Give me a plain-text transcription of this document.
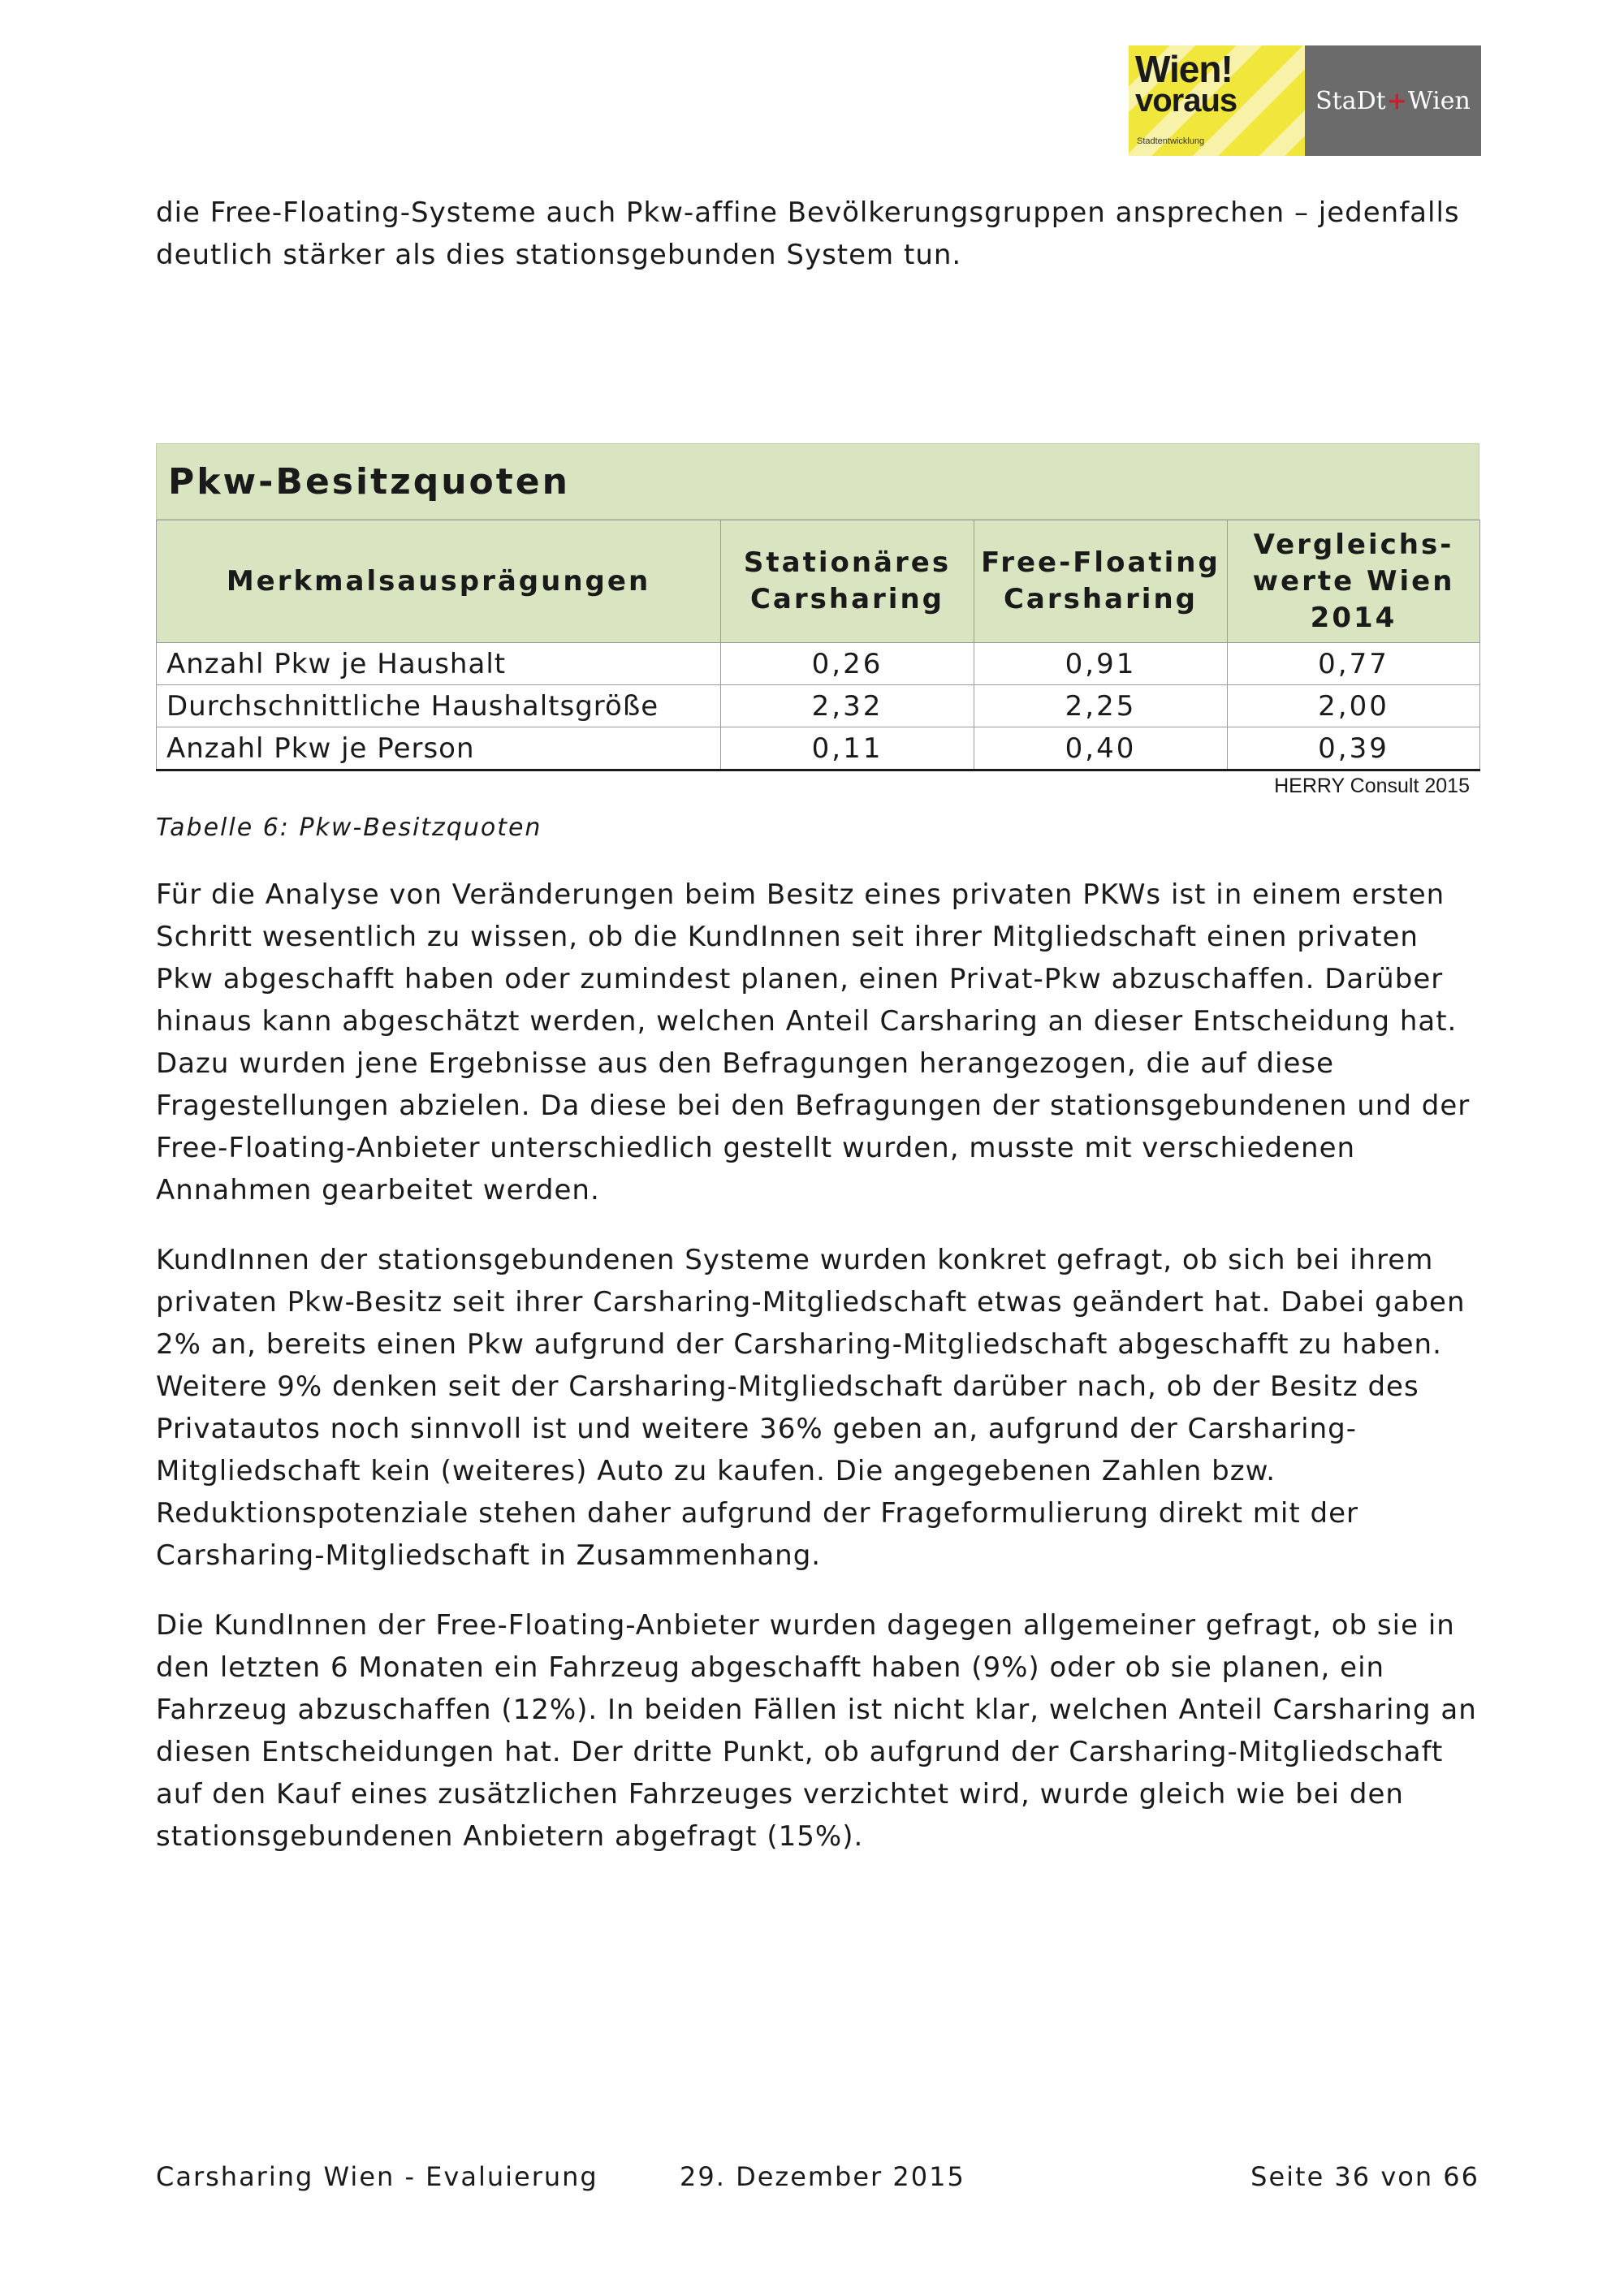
Wien!
voraus
Stadtentwicklung
StaDt + Wien

die Free-Floating-Systeme auch Pkw-affine Bevölkerungsgruppen ansprechen – jedenfalls deutlich stärker als dies stationsgebunden System tun.

Pkw-Besitzquoten
Merkmalsausprägungen	Stationäres Carsharing	Free-Floating Carsharing	Vergleichs-werte Wien 2014
Anzahl Pkw je Haushalt	0,26	0,91	0,77
Durchschnittliche Haushaltsgröße	2,32	2,25	2,00
Anzahl Pkw je Person	0,11	0,40	0,39
HERRY Consult 2015
Tabelle 6: Pkw-Besitzquoten

Für die Analyse von Veränderungen beim Besitz eines privaten PKWs ist in einem ersten Schritt wesentlich zu wissen, ob die KundInnen seit ihrer Mitgliedschaft einen privaten Pkw abgeschafft haben oder zumindest planen, einen Privat-Pkw abzuschaffen. Darüber hinaus kann abgeschätzt werden, welchen Anteil Carsharing an dieser Entscheidung hat. Dazu wurden jene Ergebnisse aus den Befragungen herangezogen, die auf diese Fragestellungen abzielen. Da diese bei den Befragungen der stationsgebundenen und der Free-Floating-Anbieter unterschiedlich gestellt wurden, musste mit verschiedenen Annahmen gearbeitet werden.

KundInnen der stationsgebundenen Systeme wurden konkret gefragt, ob sich bei ihrem privaten Pkw-Besitz seit ihrer Carsharing-Mitgliedschaft etwas geändert hat. Dabei gaben 2% an, bereits einen Pkw aufgrund der Carsharing-Mitgliedschaft abgeschafft zu haben. Weitere 9% denken seit der Carsharing-Mitgliedschaft darüber nach, ob der Besitz des Privatautos noch sinnvoll ist und weitere 36% geben an, aufgrund der Carsharing-Mitgliedschaft kein (weiteres) Auto zu kaufen. Die angegebenen Zahlen bzw. Reduktionspotenziale stehen daher aufgrund der Frageformulierung direkt mit der Carsharing-Mitgliedschaft in Zusammenhang.

Die KundInnen der Free-Floating-Anbieter wurden dagegen allgemeiner gefragt, ob sie in den letzten 6 Monaten ein Fahrzeug abgeschafft haben (9%) oder ob sie planen, ein Fahrzeug abzuschaffen (12%). In beiden Fällen ist nicht klar, welchen Anteil Carsharing an diesen Entscheidungen hat. Der dritte Punkt, ob aufgrund der Carsharing-Mitgliedschaft auf den Kauf eines zusätzlichen Fahrzeuges verzichtet wird, wurde gleich wie bei den stationsgebundenen Anbietern abgefragt (15%).

Carsharing Wien - Evaluierung	29. Dezember 2015	Seite 36 von 66
